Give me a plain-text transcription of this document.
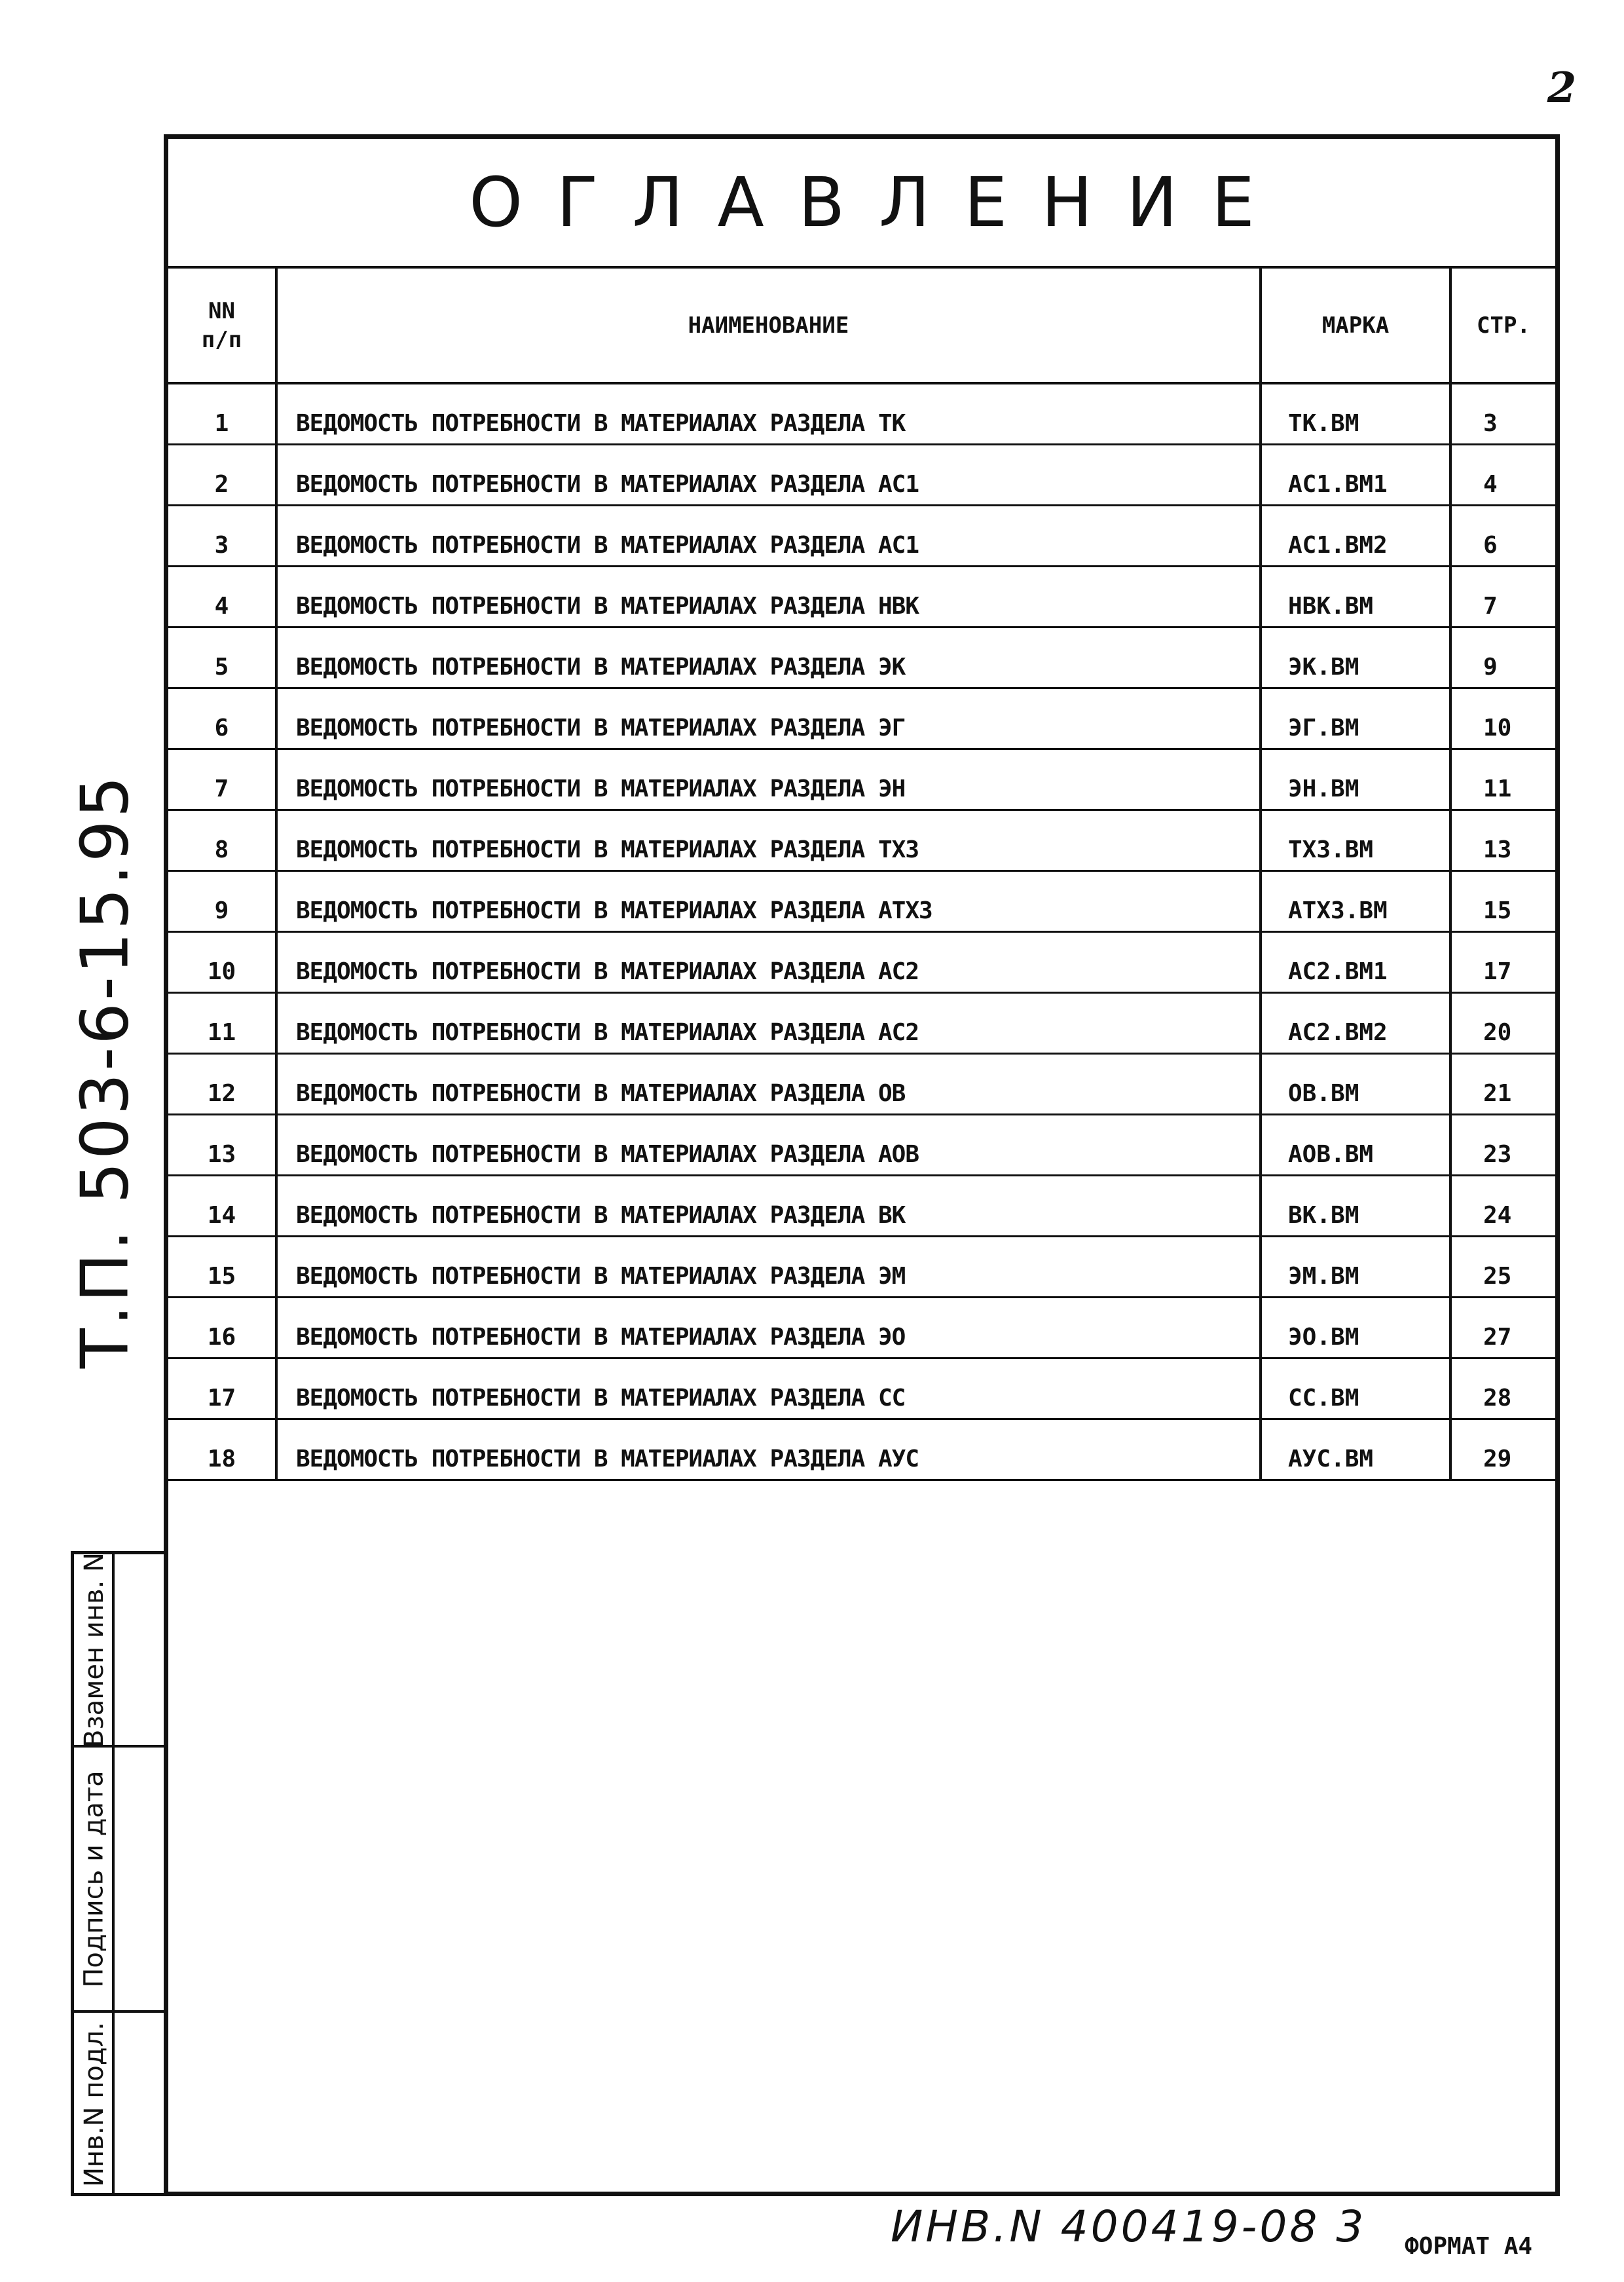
2
Т.П. 503-6-15.95
ОГЛАВЛЕНИЕ
NN
п/п	НАИМЕНОВАНИЕ	МАРКА	СТР.
1	ВЕДОМОСТЬ ПОТРЕБНОСТИ В МАТЕРИАЛАХ РАЗДЕЛА ТК	ТК.ВМ	3
2	ВЕДОМОСТЬ ПОТРЕБНОСТИ В МАТЕРИАЛАХ РАЗДЕЛА АС1	АС1.ВМ1	4
3	ВЕДОМОСТЬ ПОТРЕБНОСТИ В МАТЕРИАЛАХ РАЗДЕЛА АС1	АС1.ВМ2	6
4	ВЕДОМОСТЬ ПОТРЕБНОСТИ В МАТЕРИАЛАХ РАЗДЕЛА НВК	НВК.ВМ	7
5	ВЕДОМОСТЬ ПОТРЕБНОСТИ В МАТЕРИАЛАХ РАЗДЕЛА ЭК	ЭК.ВМ	9
6	ВЕДОМОСТЬ ПОТРЕБНОСТИ В МАТЕРИАЛАХ РАЗДЕЛА ЭГ	ЭГ.ВМ	10
7	ВЕДОМОСТЬ ПОТРЕБНОСТИ В МАТЕРИАЛАХ РАЗДЕЛА ЭН	ЭН.ВМ	11
8	ВЕДОМОСТЬ ПОТРЕБНОСТИ В МАТЕРИАЛАХ РАЗДЕЛА ТХЗ	ТХЗ.ВМ	13
9	ВЕДОМОСТЬ ПОТРЕБНОСТИ В МАТЕРИАЛАХ РАЗДЕЛА АТХЗ	АТХЗ.ВМ	15
10	ВЕДОМОСТЬ ПОТРЕБНОСТИ В МАТЕРИАЛАХ РАЗДЕЛА АС2	АС2.ВМ1	17
11	ВЕДОМОСТЬ ПОТРЕБНОСТИ В МАТЕРИАЛАХ РАЗДЕЛА АС2	АС2.ВМ2	20
12	ВЕДОМОСТЬ ПОТРЕБНОСТИ В МАТЕРИАЛАХ РАЗДЕЛА ОВ	ОВ.ВМ	21
13	ВЕДОМОСТЬ ПОТРЕБНОСТИ В МАТЕРИАЛАХ РАЗДЕЛА АОВ	АОВ.ВМ	23
14	ВЕДОМОСТЬ ПОТРЕБНОСТИ В МАТЕРИАЛАХ РАЗДЕЛА ВК	ВК.ВМ	24
15	ВЕДОМОСТЬ ПОТРЕБНОСТИ В МАТЕРИАЛАХ РАЗДЕЛА ЭМ	ЭМ.ВМ	25
16	ВЕДОМОСТЬ ПОТРЕБНОСТИ В МАТЕРИАЛАХ РАЗДЕЛА ЭО	ЭО.ВМ	27
17	ВЕДОМОСТЬ ПОТРЕБНОСТИ В МАТЕРИАЛАХ РАЗДЕЛА СС	СС.ВМ	28
18	ВЕДОМОСТЬ ПОТРЕБНОСТИ В МАТЕРИАЛАХ РАЗДЕЛА АУС	АУС.ВМ	29
Взамен инв. N
Подпись и дата
Инв.N подл.
ИНВ.N 400419-08 3	ФОРМАТ А4
